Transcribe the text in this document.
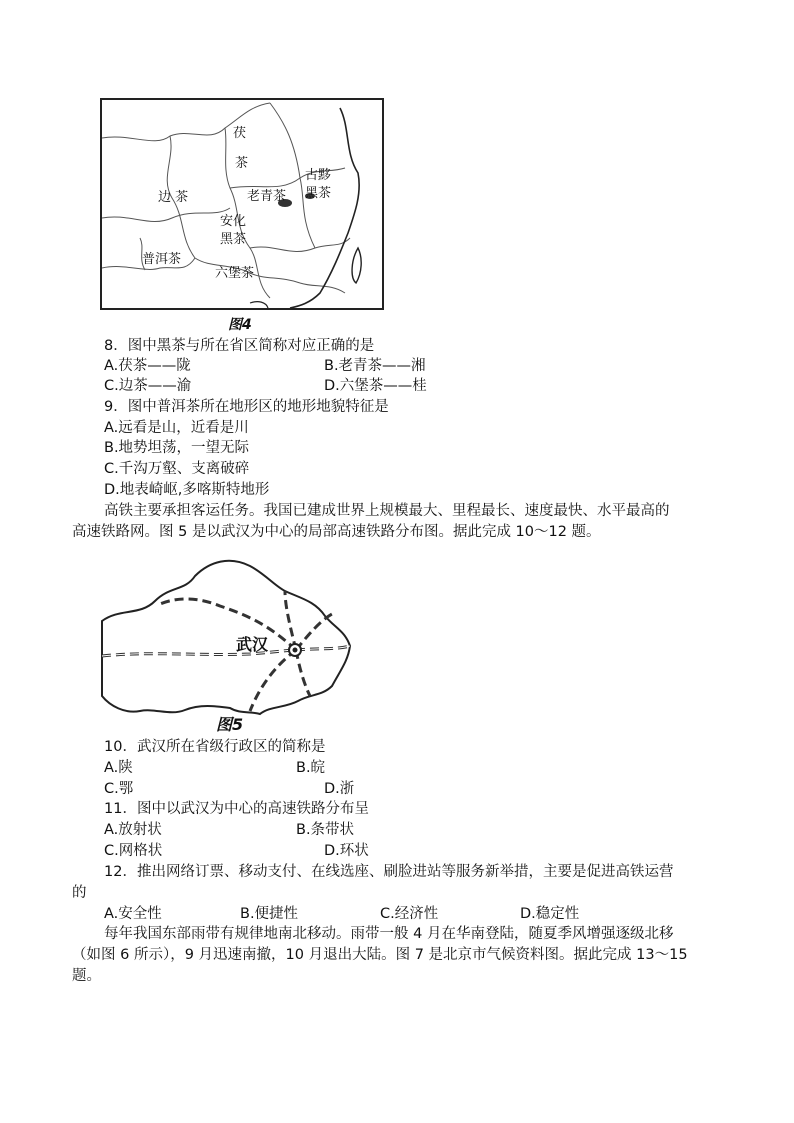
茯
茶
边 茶	老青茶
古黟
黑茶
安化
黑茶
普洱茶
六堡茶
图4
8．图中黑茶与所在省区简称对应正确的是
A.茯茶——陇	B.老青茶——湘
C.边茶——渝	D.六堡茶——桂
9．图中普洱茶所在地形区的地形地貌特征是
A.远看是山，近看是川
B.地势坦荡，一望无际
C.千沟万壑、支离破碎
D.地表崎岖,多喀斯特地形
高铁主要承担客运任务。我国已建成世界上规模最大、里程最长、速度最快、水平最高的
高速铁路网。图 5 是以武汉为中心的局部高速铁路分布图。据此完成 10～12 题。
武汉
图5
10．武汉所在省级行政区的简称是
A.陕	B.皖
C.鄂	D.浙
11．图中以武汉为中心的高速铁路分布呈
A.放射状	B.条带状
C.网格状	D.环状
12．推出网络订票、移动支付、在线选座、刷脸进站等服务新举措，主要是促进高铁运营
的
A.安全性	B.便捷性	C.经济性	D.稳定性
每年我国东部雨带有规律地南北移动。雨带一般 4 月在华南登陆，随夏季风增强逐级北移
（如图 6 所示），9 月迅速南撤，10 月退出大陆。图 7 是北京市气候资料图。据此完成 13～15
题。
